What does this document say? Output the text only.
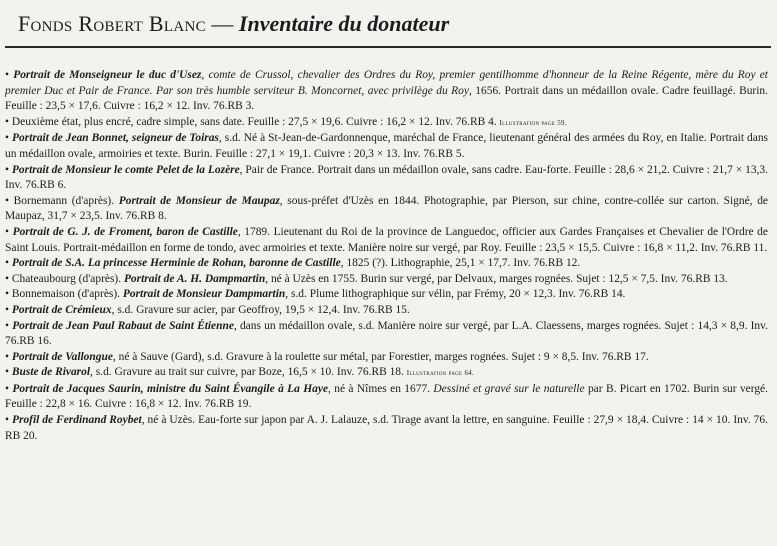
Fonds Robert Blanc — Inventaire du donateur
• Portrait de Monseigneur le duc d'Usez, comte de Crussol, chevalier des Ordres du Roy, premier gentilhomme d'honneur de la Reine Régente, mère du Roy et premier Duc et Pair de France. Par son très humble serviteur B. Moncornet, avec privilège du Roy, 1656. Portrait dans un médaillon ovale. Cadre feuillagé. Burin. Feuille : 23,5 × 17,6. Cuivre : 16,2 × 12. Inv. 76.RB 3.
• Deuxième état, plus encré, cadre simple, sans date. Feuille : 27,5 × 19,6. Cuivre : 16,2 × 12. Inv. 76.RB 4. Illustration page 59.
• Portrait de Jean Bonnet, seigneur de Toiras, s.d. Né à St-Jean-de-Gardonnenque, maréchal de France, lieutenant général des armées du Roy, en Italie. Portrait dans un médaillon ovale, armoiries et texte. Burin. Feuille : 27,1 × 19,1. Cuivre : 20,3 × 13. Inv. 76.RB 5.
• Portrait de Monsieur le comte Pelet de la Lozère, Pair de France. Portrait dans un médaillon ovale, sans cadre. Eau-forte. Feuille : 28,6 × 21,2. Cuivre : 21,7 × 13,3. Inv. 76.RB 6.
• Bornemann (d'après). Portrait de Monsieur de Maupaz, sous-préfet d'Uzès en 1844. Photographie, par Pierson, sur chine, contre-collée sur carton. Signé, de Maupaz, 31,7 × 23,5. Inv. 76.RB 8.
• Portrait de G. J. de Froment, baron de Castille, 1789. Lieutenant du Roi de la province de Languedoc, officier aux Gardes Françaises et Chevalier de l'Ordre de Saint Louis. Portrait-médaillon en forme de tondo, avec armoiries et texte. Manière noire sur vergé, par Roy. Feuille : 23,5 × 15,5. Cuivre : 16,8 × 11,2. Inv. 76.RB 11.
• Portrait de S.A. La princesse Herminie de Rohan, baronne de Castille, 1825 (?). Lithographie, 25,1 × 17,7. Inv. 76.RB 12.
• Chateaubourg (d'après). Portrait de A. H. Dampmartin, né à Uzès en 1755. Burin sur vergé, par Delvaux, marges rognées. Sujet : 12,5 × 7,5. Inv. 76.RB 13.
• Bonnemaison (d'après). Portrait de Monsieur Dampmartin, s.d. Plume lithographique sur vélin, par Frémy, 20 × 12,3. Inv. 76.RB 14.
• Portrait de Crémieux, s.d. Gravure sur acier, par Geoffroy, 19,5 × 12,4. Inv. 76.RB 15.
• Portrait de Jean Paul Rabaut de Saint Étienne, dans un médaillon ovale, s.d. Manière noire sur vergé, par L.A. Claessens, marges rognées. Sujet : 14,3 × 8,9. Inv. 76.RB 16.
• Portrait de Vallongue, né à Sauve (Gard), s.d. Gravure à la roulette sur métal, par Forestier, marges rognées. Sujet : 9 × 8,5. Inv. 76.RB 17.
• Buste de Rivarol, s.d. Gravure au trait sur cuivre, par Boze, 16,5 × 10. Inv. 76.RB 18. Illustration page 64.
• Portrait de Jacques Saurin, ministre du Saint Évangile à La Haye, né à Nîmes en 1677. Dessiné et gravé sur le naturelle par B. Picart en 1702. Burin sur vergé. Feuille : 22,8 × 16. Cuivre : 16,8 × 12. Inv. 76.RB 19.
• Profil de Ferdinand Roybet, né à Uzès. Eau-forte sur japon par A. J. Lalauze, s.d. Tirage avant la lettre, en sanguine. Feuille : 27,9 × 18,4. Cuivre : 14 × 10. Inv. 76. RB 20.
